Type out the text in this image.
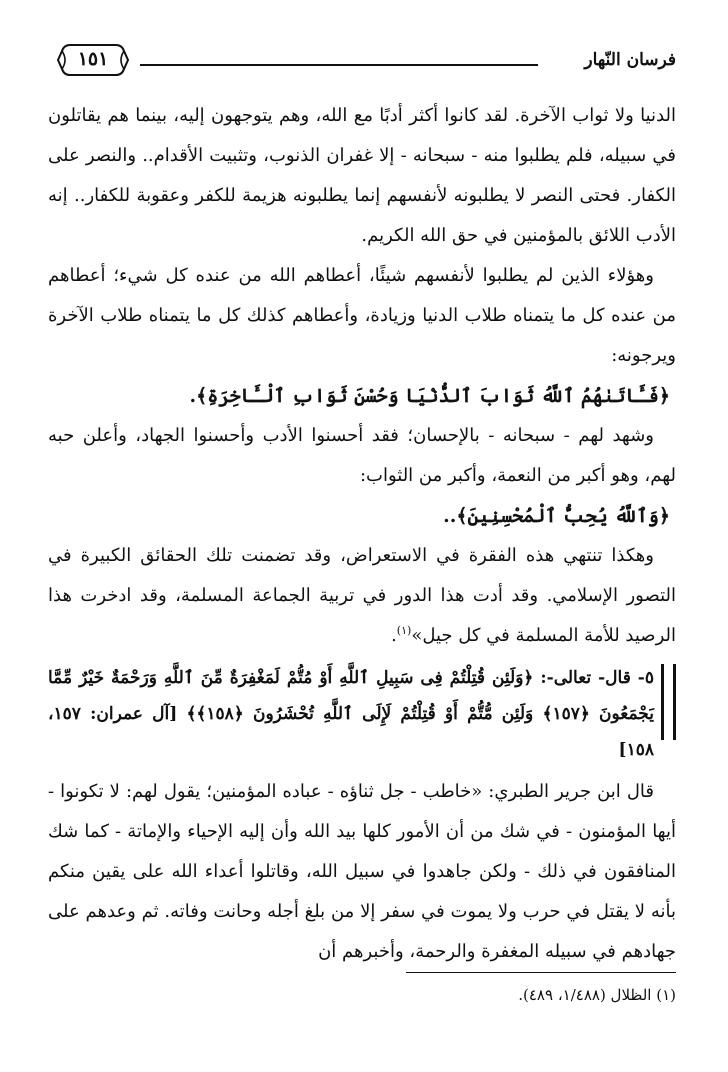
فرسان النّهار
١٥١

الدنيا ولا ثواب الآخرة. لقد كانوا أكثر أدبًا مع الله، وهم يتوجهون إليه، بينما هم يقاتلون في سبيله، فلم يطلبوا منه - سبحانه - إلا غفران الذنوب، وتثبيت الأقدام.. والنصر على الكفار. فحتى النصر لا يطلبونه لأنفسهم إنما يطلبونه هزيمة للكفر وعقوبة للكفار.. إنه الأدب اللائق بالمؤمنين في حق الله الكريم.

وهؤلاء الذين لم يطلبوا لأنفسهم شيئًا، أعطاهم الله من عنده كل شيء؛ أعطاهم من عنده كل ما يتمناه طلاب الدنيا وزيادة، وأعطاهم كذلك كل ما يتمناه طلاب الآخرة ويرجونه:

﴿فَـَٔاتَىٰهُمُ ٱللَّهُ ثَوَابَ ٱلدُّنْيَا وَحُسْنَ ثَوَابِ ٱلْـَٔاخِرَةِ﴾.

وشهد لهم - سبحانه - بالإحسان؛ فقد أحسنوا الأدب وأحسنوا الجهاد، وأعلن حبه لهم، وهو أكبر من النعمة، وأكبر من الثواب:

﴿وَٱللَّهُ يُحِبُّ ٱلْمُحْسِنِينَ﴾..

وهكذا تنتهي هذه الفقرة في الاستعراض، وقد تضمنت تلك الحقائق الكبيرة في التصور الإسلامي. وقد أدت هذا الدور في تربية الجماعة المسلمة، وقد ادخرت هذا الرصيد للأمة المسلمة في كل جيل»$^{(١)}$.

٥- قال- تعالى-: ﴿وَلَئِن قُتِلْتُمْ فِى سَبِيلِ ٱللَّهِ أَوْ مُتُّمْ لَمَغْفِرَةٌ مِّنَ ٱللَّهِ وَرَحْمَةٌ خَيْرٌ مِّمَّا يَجْمَعُونَ ﴿١٥٧﴾ وَلَئِن مُّتُّمْ أَوْ قُتِلْتُمْ لَإِلَى ٱللَّهِ تُحْشَرُونَ ﴿١٥٨﴾﴾ [آل عمران: ١٥٧، ١٥٨]

قال ابن جرير الطبري: «خاطب - جل ثناؤه - عباده المؤمنين؛ يقول لهم: لا تكونوا - أيها المؤمنون - في شك من أن الأمور كلها بيد الله وأن إليه الإحياء والإماتة - كما شك المنافقون في ذلك - ولكن جاهدوا في سبيل الله، وقاتلوا أعداء الله على يقين منكم بأنه لا يقتل في حرب ولا يموت في سفر إلا من بلغ أجله وحانت وفاته. ثم وعدهم على جهادهم في سبيله المغفرة والرحمة، وأخبرهم أن

(١) الظلال (١/٤٨٨، ٤٨٩).
